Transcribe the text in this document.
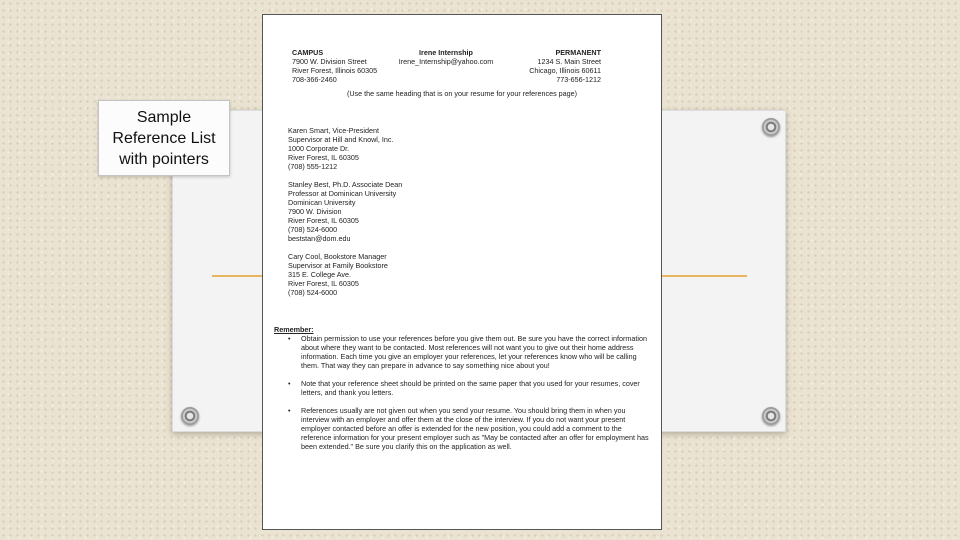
Sample
Reference List
with pointers
CAMPUS
7900 W. Division Street
River Forest, Illinois 60305
708-366-2460
Irene Internship
Irene_Internship@yahoo.com
PERMANENT
1234 S. Main Street
Chicago, Illinois 60611
773-656-1212
(Use the same heading that is on your resume for your references page)
Karen Smart, Vice-President
Supervisor at Hill and Knowl, Inc.
1000 Corporate Dr.
River Forest, IL 60305
(708) 555-1212
Stanley Best, Ph.D. Associate Dean
Professor at Dominican University
Dominican University
7900 W. Division
River Forest, IL 60305
(708) 524-6000
beststan@dom.edu
Cary Cool, Bookstore Manager
Supervisor at Family Bookstore
315 E. College Ave.
River Forest, IL 60305
(708) 524-6000
Remember:
• Obtain permission to use your references before you give them out. Be sure you have the correct information about where they want to be contacted. Most references will not want you to give out their home address information. Each time you give an employer your references, let your references know who will be calling them. That way they can prepare in advance to say something nice about you!
• Note that your reference sheet should be printed on the same paper that you used for your resumes, cover letters, and thank you letters.
• References usually are not given out when you send your resume. You should bring them in when you interview with an employer and offer them at the close of the interview. If you do not want your present employer contacted before an offer is extended for the new position, you could add a comment to the reference information for your present employer such as "May be contacted after an offer for employment has been extended." Be sure you clarify this on the application as well.
